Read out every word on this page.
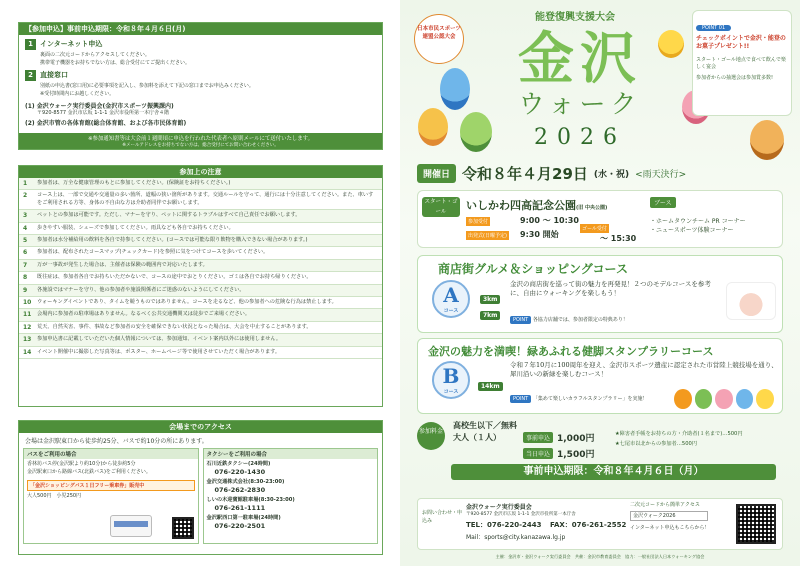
【参加申込】事前申込期限：令和８年４月６日(月)
1 インターネット申込
裏面の二次元コードからアクセスしてください。
携帯電子機器をお持ちでない方は、総合受付にてご提出ください。
2 直接窓口
別紙の申込書(窓口用)に必要事項を記入し、参加料を添えて下記の窓口までお申込みください。
※受付時間内にお越しください。
(1) 金沢ウォーク実行委員会(金沢市スポーツ振興課内)
〒920-8577 金沢市広坂 1-1-1 金沢市役所第一本庁舎４階
(2) 金沢市管の各体育館(総合体育館、および各市民体育館)
※参加通知書等は大会前１週間頃に申込を行われた代表者へ原則メールにて送付いたします。
※メールアドレスをお持ちでない方は、総合受付にてお問い合わせください。
参加上の注意
1	参加者は、万全な健康管理のもとに参加してください。(保険証をお持ちください。)
2	コース上は、一部で交通や交通量の多い箇所、道幅の狭い箇所があります。交通ルールを守って、通行には十分注意してください。また、車いすをご利用される方等、身体の不自由な方は介助者同伴でお願いします。
3	ペットとの参加は可能です。ただし、マナーを守り、ペットに関するトラブルはすべて自己責任でお願いします。
4	歩きやすい服装、シューズで参加してください。雨具なども各自でお持ちください。
5	参加者は水分補給用の飲料を各自で持参してください。(コースでは可能な限り飲物を購入できない場合があります。)
6	参加者は、配布されたコースマップ(チェックカード)を参照に気をつけてコースを歩いてください。
7	万が一事故が発生した場合は、主催者は保険の範囲内で対応いたします。
8	既往症は、参加者各自でお持ちいただかないで、コースの途中でおとりください。ゴミは各自でお持ち帰りください。
9	各施設ではマナーを守り、他の参加者や施設関係者にご迷惑のないようにしてください。
10	ウォーキングイベントであり、タイムを競うものではありません。コースを走るなど、他の参加者への危険な行為は禁止します。
11	会場内に参加者の駐車場はありません。なるべく公共交通機関又は徒歩でご来場ください。
12	荒天、自然災害、事件、事故など参加者の安全を確保できない状況となった場合は、大会を中止することがあります。
13	参加申込書に記載していただいた個人情報については、参加通知、イベント案内以外には使用しません。
14	イベント開催中に撮影した写真等は、ポスター、ホームページ等で使用させていただく場合があります。
会場までのアクセス
会場は金沢駅東口から徒歩約25分、バスで約10分の所にあります。
バスをご利用の場合
香林坊バス停(金沢駅より約10分)から徒歩約5分
金沢駅東口から路線バス(北鉄バス)をご利用ください。
「金沢ショッピングバス１日フリー乗車券」販売中
大人500円　小児250円
タクシーをご利用の場合
石川近鉄タクシー(24時間)
076-220-1430
金沢交通株式会社(8:30-23:00)
076-262-2830
しいの木迎賓館駐車場(8:30-23:00)
076-261-1111
金沢駅西口第一駐車場(24時間)
076-220-2501
日本市民スポーツ連盟公認大会
能登復興支援大会
金沢
ウォーク
2026
POINT 01
チェックポイントで金沢・能登のお菓子プレゼント!!
スタート・ゴール地点で食べて飲んで楽しく宴会
参加者からの抽選会は参加賞多数!
開催日 令和８年４月29日 (水・祝) <雨天決行>
スタート・ゴール	いしかわ四高記念公園(旧 中央公園)
参加受付	9:00 〜 10:30
出発式(日曜予定) 9:30 開始
ゴール受付
〜 15:30
ブース
・ホームタウンチーム PR コーナー
・ニュースポーツ体験コーナー
商店街グルメ＆ショッピングコース
A
コース
3km
7km
金沢の商店街を巡って街の魅力を再発見！２つのモデルコースを参考に、自由にウォーキングを楽しもう！
POINT 各協力店舗では、参加者限定の特典あり！
金沢の魅力を満喫！緑あふれる健脚スタンプラリーコース
B
コース
14km
令和７年10月に100周年を迎え、金沢市スポーツ遺産に認定された市営陸上競技場を通り、犀川沿いの新緑を楽しむコース！
POINT 「集めて楽しいカラフルスタンプラリー」を実施！
参加料金
高校生以下／無料
大人（１人）	事前申込 1,000円
当日申込 1,500円
★障害者手帳をお持ちの方・介助者(１名まで)…500円
★七尾市以北からの参加者…500円
事前申込期限：令和８年４月６日（月）
お問い合わせ・申込み
金沢ウォーク実行委員会
〒920-8577 金沢市広坂 1-1-1 金沢市役所第一本庁舎
TEL：076-220-2443 FAX：076-261-2552
Mail：sports@city.kanazawa.lg.jp
二次元コードから簡単アクセス
金沢ウォーク2026
インターネット申込もこちらから！
主催：金沢市・金沢ウォーク実行委員会　共催：金沢市教育委員会　協力：一般社団法人日本ウォーキング協会
